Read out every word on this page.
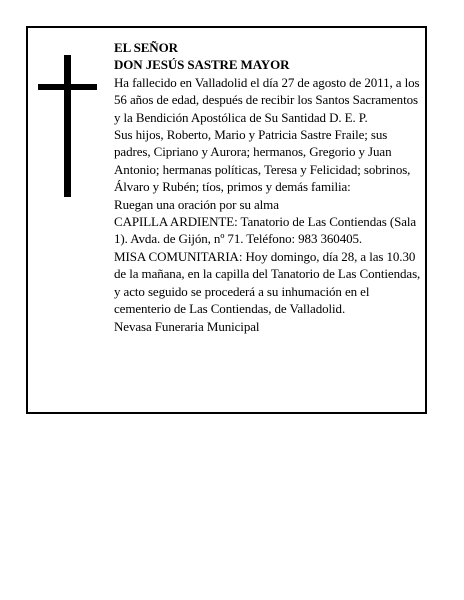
EL SEÑOR

DON JESÚS SASTRE MAYOR

Ha fallecido en Valladolid el día 27 de agosto de 2011, a los 56 años de edad, después de recibir los Santos Sacramentos y la Bendición Apostólica de Su Santidad D. E. P.

Sus hijos, Roberto, Mario y Patricia Sastre Fraile; sus padres, Cipriano y Aurora; hermanos, Gregorio y Juan Antonio; hermanas políticas, Teresa y Felicidad; sobrinos, Álvaro y Rubén; tíos, primos y demás familia:

Ruegan una oración por su alma

CAPILLA ARDIENTE: Tanatorio de Las Contiendas (Sala 1). Avda. de Gijón, nº 71. Teléfono: 983 360405.

MISA COMUNITARIA: Hoy domingo, día 28, a las 10.30 de la mañana, en la capilla del Tanatorio de Las Contiendas, y acto seguido se procederá a su inhumación en el cementerio de Las Contiendas, de Valladolid.

Nevasa Funeraria Municipal
